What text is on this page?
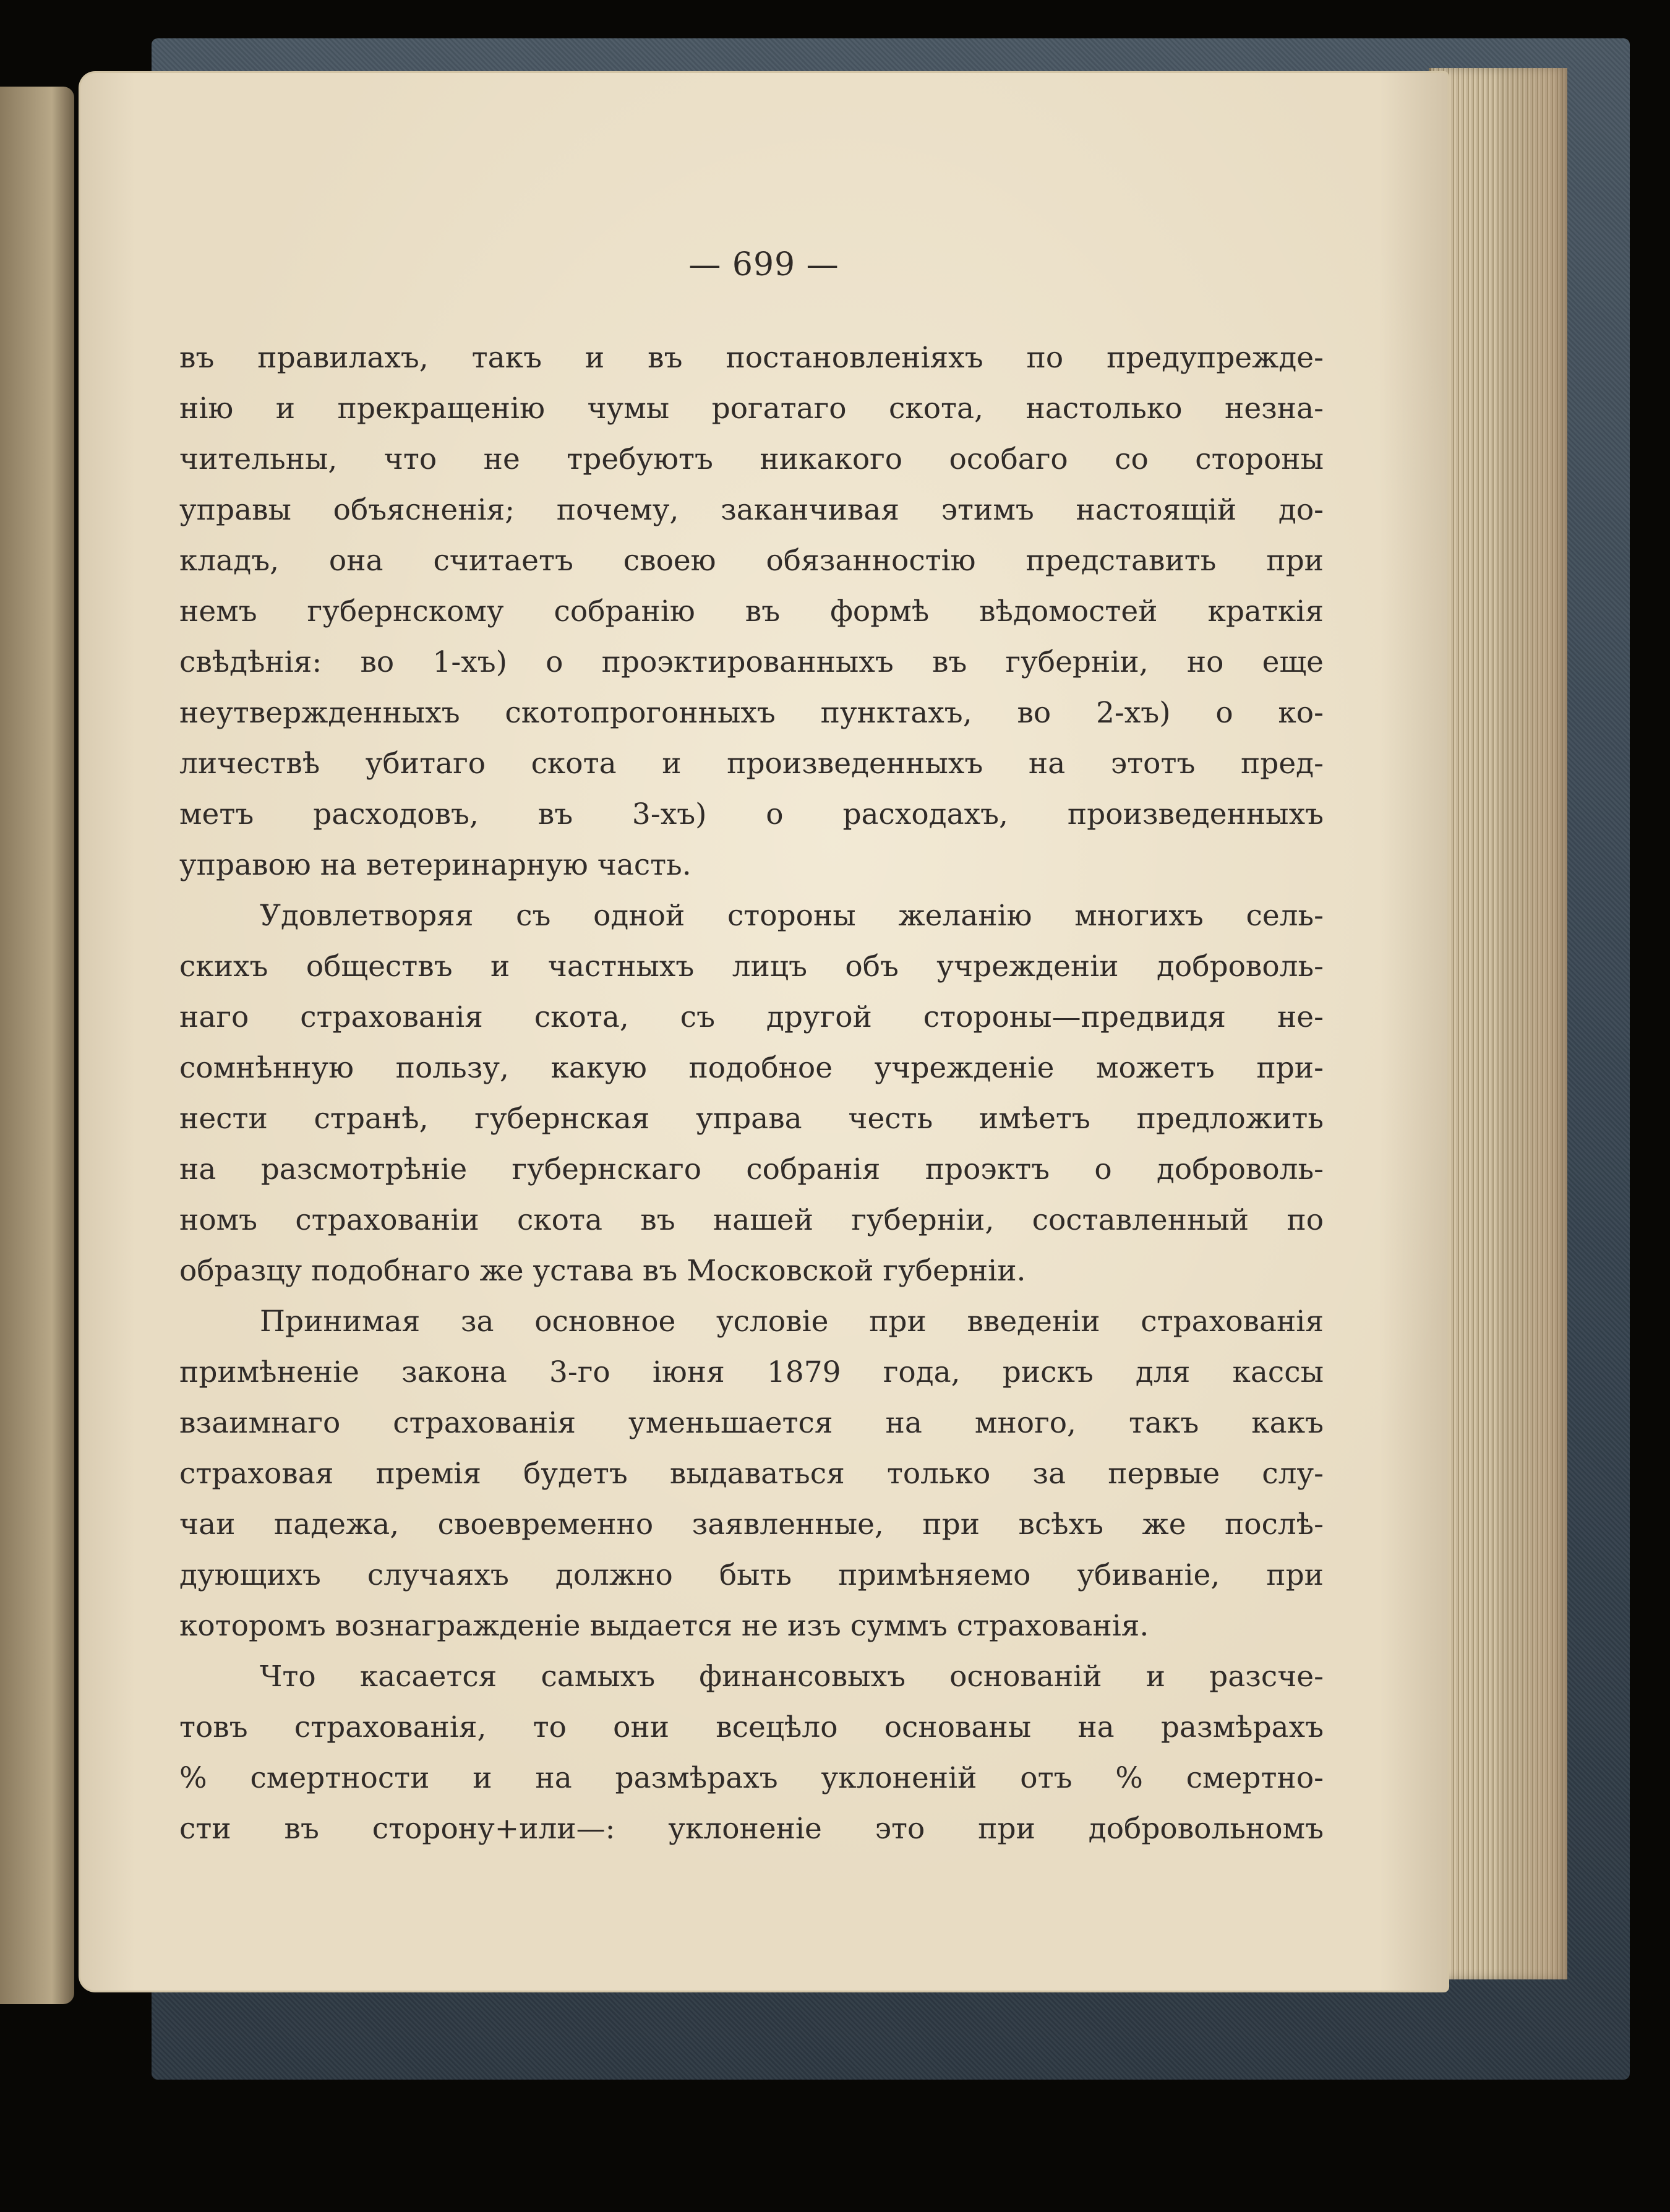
— 699 —
въ правилахъ, такъ и въ постановленіяхъ по предупрежде-
нію и прекращенію чумы рогатаго скота, настолько незна-
чительны, что не требуютъ никакого особаго со стороны
управы объясненія; почему, заканчивая этимъ настоящій до-
кладъ, она считаетъ своею обязанностію представить при
немъ губернскому собранію въ формѣ вѣдомостей краткія
свѣдѣнія: во 1-хъ) о проэктированныхъ въ губерніи, но еще
неутвержденныхъ скотопрогонныхъ пунктахъ, во 2-хъ) о ко-
личествѣ убитаго скота и произведенныхъ на этотъ пред-
метъ расходовъ, въ 3-хъ) о расходахъ, произведенныхъ
управою на ветеринарную часть.
Удовлетворяя съ одной стороны желанію многихъ сель-
скихъ обществъ и частныхъ лицъ объ учрежденіи доброволь-
наго страхованія скота, съ другой стороны—предвидя не-
сомнѣнную пользу, какую подобное учрежденіе можетъ при-
нести странѣ, губернская управа честь имѣетъ предложить
на разсмотрѣніе губернскаго собранія проэктъ о доброволь-
номъ страхованіи скота въ нашей губерніи, составленный по
образцу подобнаго же устава въ Московской губерніи.
Принимая за основное условіе при введеніи страхованія
примѣненіе закона 3-го іюня 1879 года, рискъ для кассы
взаимнаго страхованія уменьшается на много, такъ какъ
страховая премія будетъ выдаваться только за первые слу-
чаи падежа, своевременно заявленные, при всѣхъ же послѣ-
дующихъ случаяхъ должно быть примѣняемо убиваніе, при
которомъ вознагражденіе выдается не изъ суммъ страхованія.
Что касается самыхъ финансовыхъ основаній и разсче-
товъ страхованія, то они всецѣло основаны на размѣрахъ
% смертности и на размѣрахъ уклоненій отъ % смертно-
сти въ сторону+или—: уклоненіе это при добровольномъ
